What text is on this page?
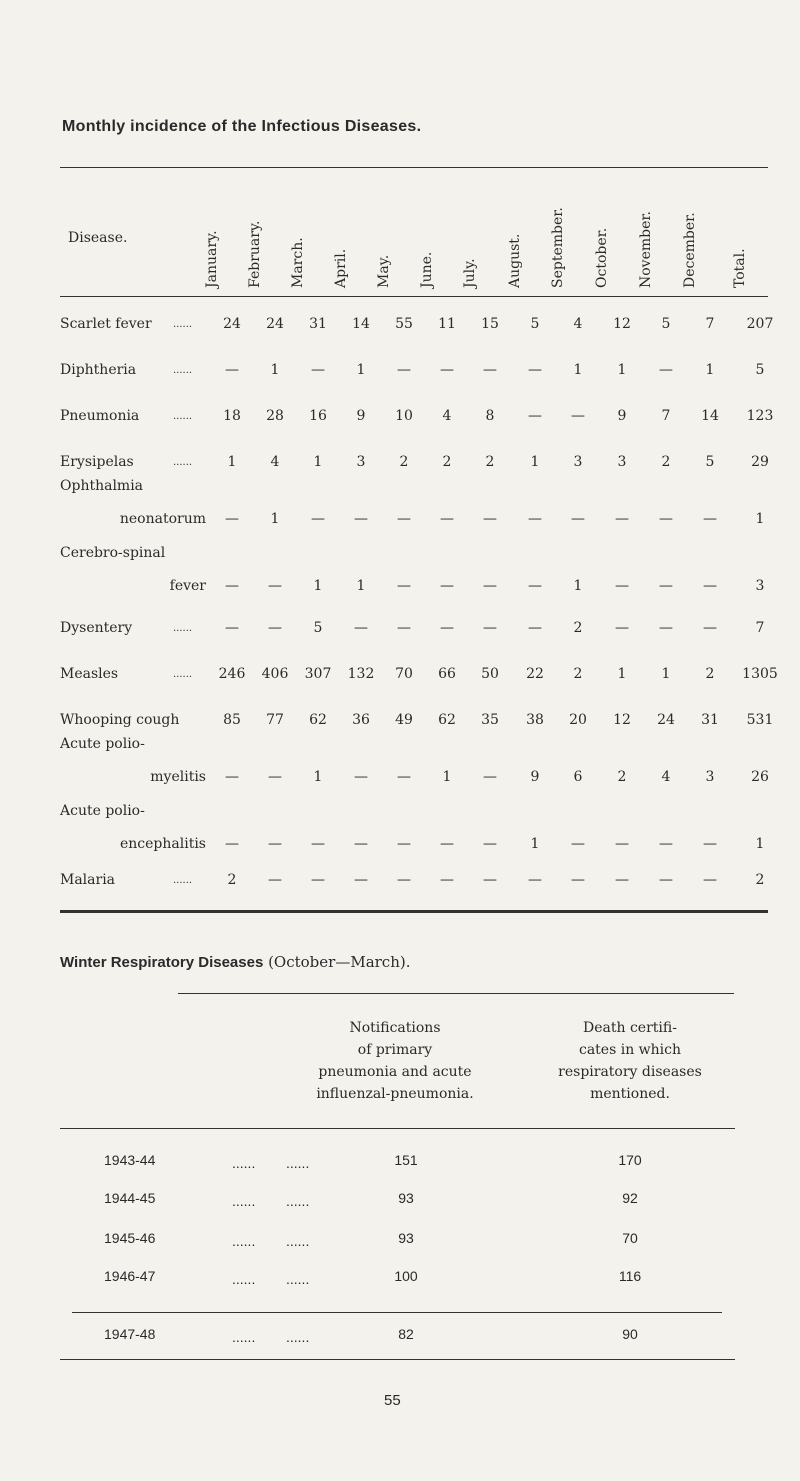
Monthly incidence of the Infectious Diseases.
Disease.	January. February. March. April. May. June. July. August. September. October. November. December. Total.
Scarlet fever ......	24	24	31	14	55	11	15	5	4	12	5	7	207
Diphtheria	......	—	1	—	1	—	—	—	—	1	1	—	1	5
Pneumonia	......	18	28	16	9	10	4	8	—	—	9	7	14	123
Erysipelas	......	1	4	1	3	2	2	2	1	3	3	2	5	29
Ophthalmia
neonatorum	—	1	—	—	—	—	—	—	—	—	—	—	1
Cerebro-spinal
fever	—	—	1	1	—	—	—	—	1	—	—	—	3
Dysentery	......	—	—	5	—	—	—	—	—	2	—	—	—	7
Measles	......	246	406	307	132	70	66	50	22	2	1	1	2	1305
Whooping cough	85	77	62	36	49	62	35	38	20	12	24	31	531
Acute polio-
myelitis	—	—	1	—	—	1	—	9	6	2	4	3	26
Acute polio-
encephalitis	—	—	—	—	—	—	—	1	—	—	—	—	1
Malaria	......	2	—	—	—	—	—	—	—	—	—	—	—	2
Winter Respiratory Diseases (October—March).
Notifications
of primary
pneumonia and acute
influenzal-pneumonia.
Death certifi-
cates in which
respiratory diseases
mentioned.
1943-44	...... ......	151	170
1944-45	...... ......	93	92
1945-46	...... ......	93	70
1946-47	...... ......	100	116
1947-48	...... ......	82	90
55
